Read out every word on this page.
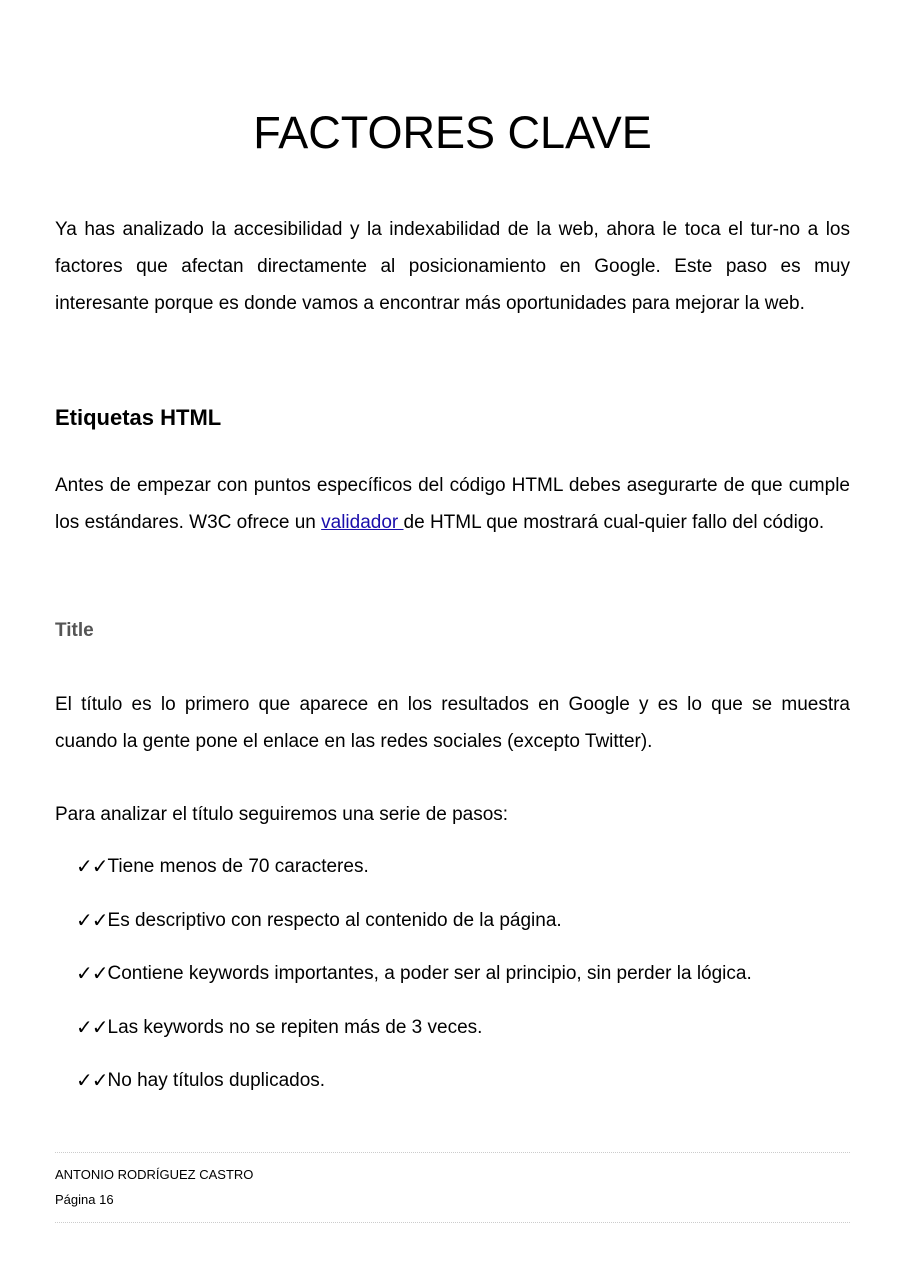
FACTORES CLAVE

Ya has analizado la accesibilidad y la indexabilidad de la web, ahora le toca el tur-no a los factores que afectan directamente al posicionamiento en Google. Este paso es muy interesante porque es donde vamos a encontrar más oportunidades para mejorar la web.

Etiquetas HTML

Antes de empezar con puntos específicos del código HTML debes asegurarte de que cumple los estándares. W3C ofrece un validador de HTML que mostrará cual-quier fallo del código.

Title

El título es lo primero que aparece en los resultados en Google y es lo que se muestra cuando la gente pone el enlace en las redes sociales (excepto Twitter).

Para analizar el título seguiremos una serie de pasos:

✓✓ Tiene menos de 70 caracteres.
✓✓ Es descriptivo con respecto al contenido de la página.
✓✓ Contiene keywords importantes, a poder ser al principio, sin perder la lógica.
✓✓ Las keywords no se repiten más de 3 veces.
✓✓ No hay títulos duplicados.

ANTONIO RODRÍGUEZ CASTRO

Página 16
